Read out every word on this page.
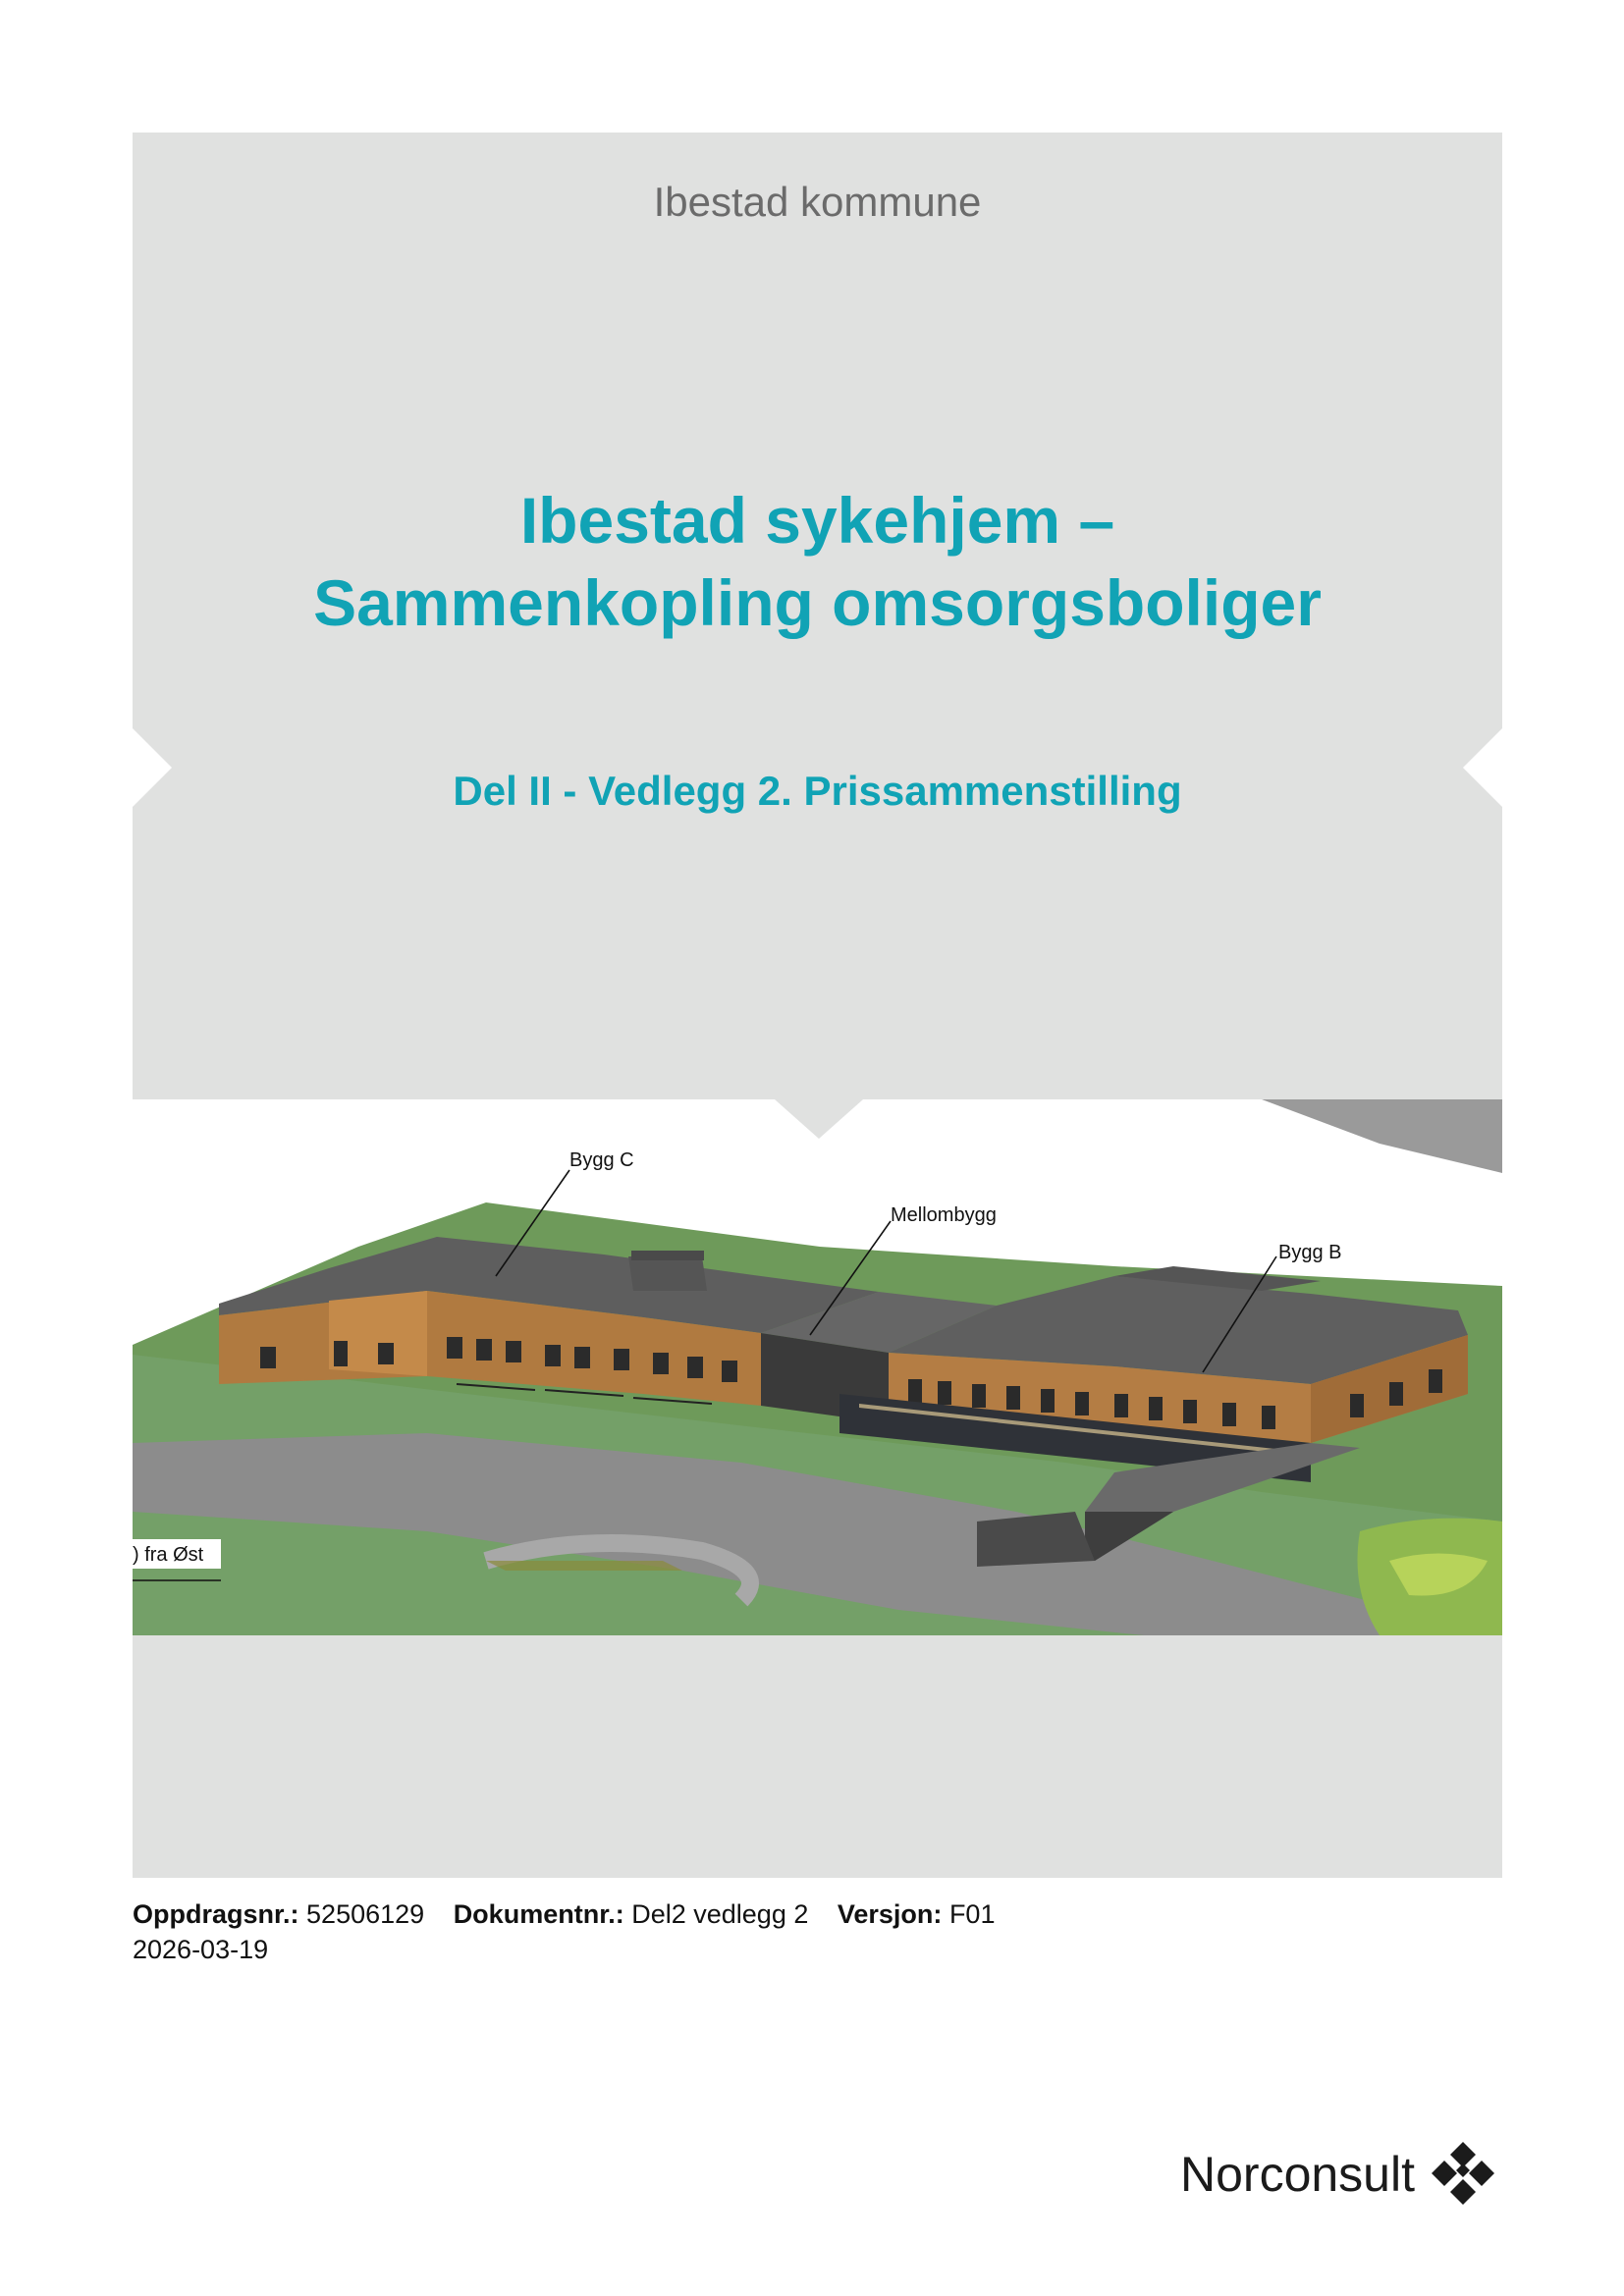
Ibestad kommune
Ibestad sykehjem –
Sammenkopling omsorgsboliger
Del II - Vedlegg 2. Prissammenstilling
Bygg C
Mellombygg
Bygg B
) fra Øst
Oppdragsnr.: 52506129 Dokumentnr.: Del2 vedlegg 2 Versjon: F01
2026-03-19
Norconsult
